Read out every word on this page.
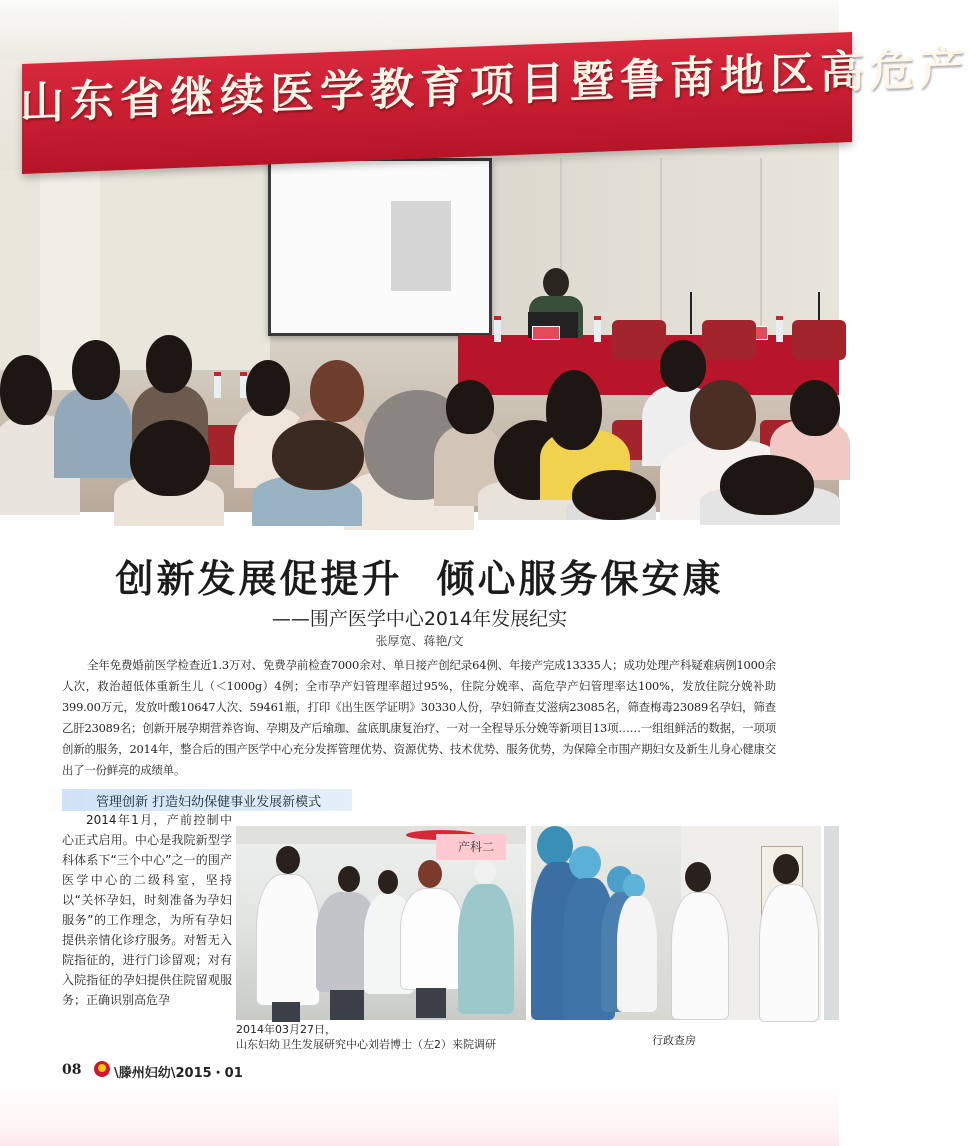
山东省继续医学教育项目暨鲁南地区高危产
创新发展促提升 倾心服务保安康
——围产医学中心2014年发展纪实
张厚宽、蒋艳/文
全年免费婚前医学检查近1.3万对、免费孕前检查7000余对、单日接产创纪录64例、年接产完成13335人；成功处理产科疑难病例1000余人次，救治超低体重新生儿（＜1000g）4例；全市孕产妇管理率超过95%，住院分娩率、高危孕产妇管理率达100%，发放住院分娩补助399.00万元，发放叶酸10647人次、59461瓶，打印《出生医学证明》30330人份，孕妇筛查艾滋病23085名，筛查梅毒23089名孕妇，筛查乙肝23089名；创新开展孕期营养咨询、孕期及产后瑜珈、盆底肌康复治疗、一对一全程导乐分娩等新项目13项……一组组鲜活的数据，一项项创新的服务，2014年，整合后的围产医学中心充分发挥管理优势、资源优势、技术优势、服务优势，为保障全市围产期妇女及新生儿身心健康交出了一份鲜亮的成绩单。
管理创新 打造妇幼保健事业发展新模式

2014年1月，产前控制中心正式启用。中心是我院新型学科体系下“三个中心”之一的围产医学中心的二级科室，坚持以“关怀孕妇，时刻准备为孕妇服务”的工作理念，为所有孕妇提供亲情化诊疗服务。对暂无入院指征的，进行门诊留观；对有入院指征的孕妇提供住院留观服务；正确识别高危孕

产科二
2014年03月27日，
山东妇幼卫生发展研究中心刘岩博士（左2）来院调研	行政查房
08	\滕州妇幼\2015・01
